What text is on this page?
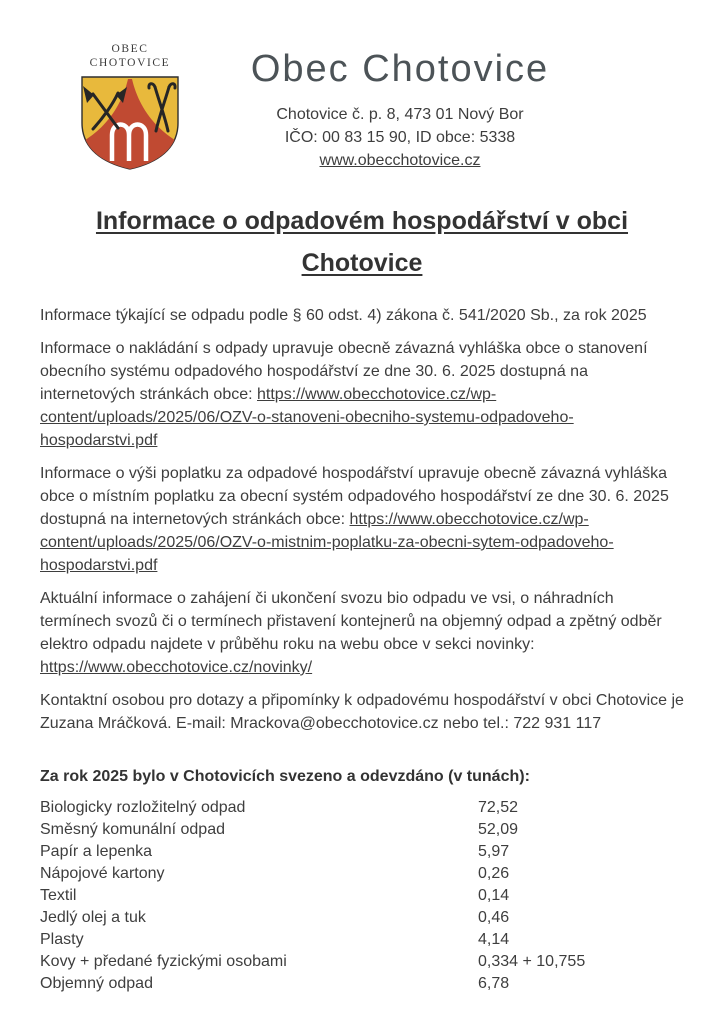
OBEC
CHOTOVICE	Obec Chotovice
Chotovice č. p. 8, 473 01 Nový Bor
IČO: 00 83 15 90, ID obce: 5338
www.obecchotovice.cz
Informace o odpadovém hospodářství v obci Chotovice

Informace týkající se odpadu podle § 60 odst. 4) zákona č. 541/2020 Sb., za rok 2025

Informace o nakládání s odpady upravuje obecně závazná vyhláška obce o stanovení obecního systému odpadového hospodářství ze dne 30. 6. 2025 dostupná na internetových stránkách obce: https://www.obecchotovice.cz/wp-content/uploads/2025/06/OZV-o-stanoveni-obecniho-systemu-odpadoveho-hospodarstvi.pdf

Informace o výši poplatku za odpadové hospodářství upravuje obecně závazná vyhláška obce o místním poplatku za obecní systém odpadového hospodářství ze dne 30. 6. 2025 dostupná na internetových stránkách obce: https://www.obecchotovice.cz/wp-content/uploads/2025/06/OZV-o-mistnim-poplatku-za-obecni-sytem-odpadoveho-hospodarstvi.pdf

Aktuální informace o zahájení či ukončení svozu bio odpadu ve vsi, o náhradních termínech svozů či o termínech přistavení kontejnerů na objemný odpad a zpětný odběr elektro odpadu najdete v průběhu roku na webu obce v sekci novinky: https://www.obecchotovice.cz/novinky/

Kontaktní osobou pro dotazy a připomínky k odpadovému hospodářství v obci Chotovice je Zuzana Mráčková. E-mail: Mrackova@obecchotovice.cz nebo tel.: 722 931 117

Za rok 2025 bylo v Chotovicích svezeno a odevzdáno (v tunách):
Biologicky rozložitelný odpad	72,52
Směsný komunální odpad	52,09
Papír a lepenka	5,97
Nápojové kartony	0,26
Textil	0,14
Jedlý olej a tuk	0,46
Plasty	4,14
Kovy + předané fyzickými osobami	0,334 + 10,755
Objemný odpad	6,78
